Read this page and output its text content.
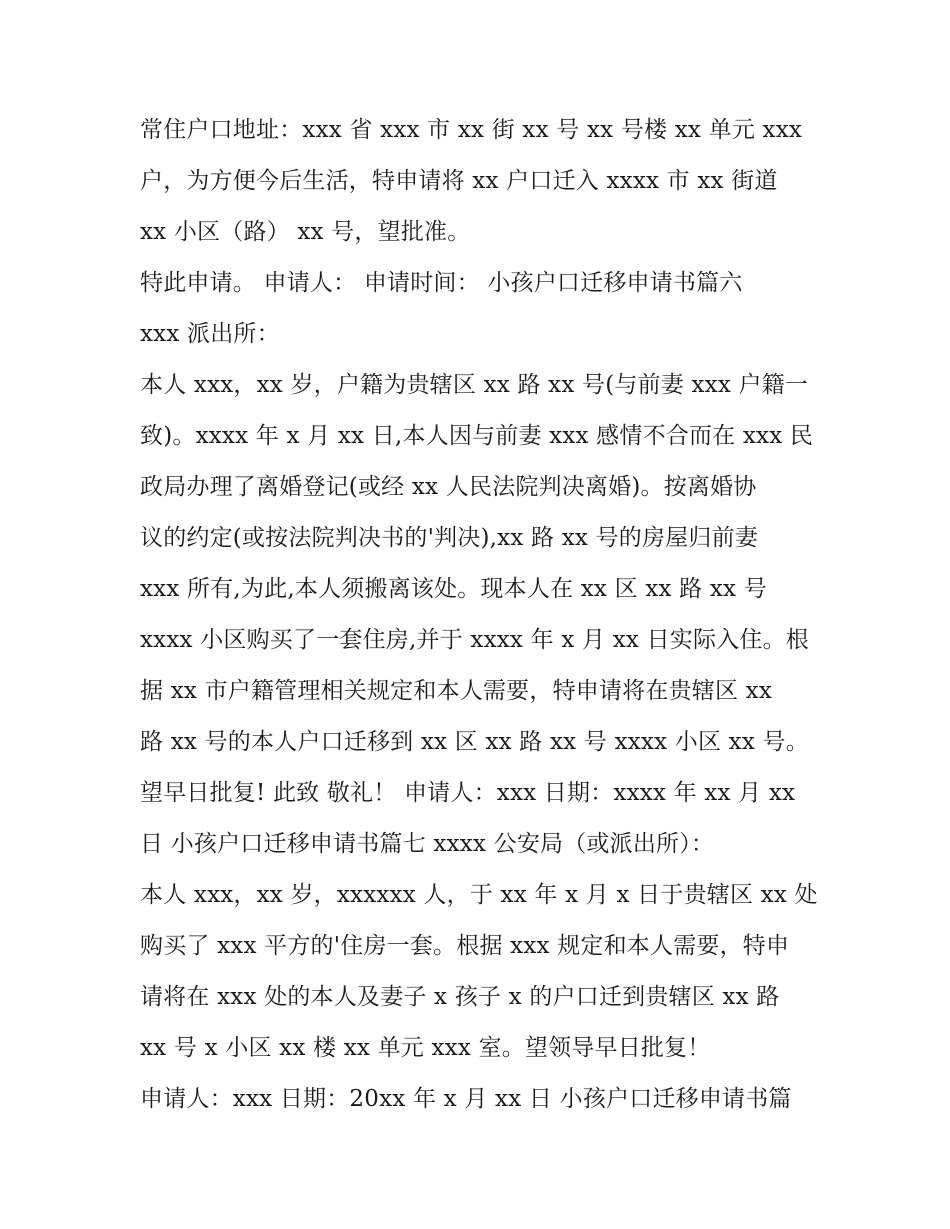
常住户口地址：xxx 省 xxx 市 xx 街 xx 号 xx 号楼 xx 单元 xxx
户，为方便今后生活，特申请将 xx 户口迁入 xxxx 市 xx 街道
xx 小区（路） xx 号，望批准。
特此申请。 申请人： 申请时间： 小孩户口迁移申请书篇六
xxx 派出所：
本人 xxx，xx 岁，户籍为贵辖区 xx 路 xx 号(与前妻 xxx 户籍一
致)。xxxx 年 x 月 xx 日,本人因与前妻 xxx 感情不合而在 xxx 民
政局办理了离婚登记(或经 xx 人民法院判决离婚)。按离婚协
议的约定(或按法院判决书的'判决),xx 路 xx 号的房屋归前妻
xxx 所有,为此,本人须搬离该处。现本人在 xx 区 xx 路 xx 号
xxxx 小区购买了一套住房,并于 xxxx 年 x 月 xx 日实际入住。根
据 xx 市户籍管理相关规定和本人需要，特申请将在贵辖区 xx
路 xx 号的本人户口迁移到 xx 区 xx 路 xx 号 xxxx 小区 xx 号。
望早日批复! 此致 敬礼！ 申请人：xxx 日期：xxxx 年 xx 月 xx
日 小孩户口迁移申请书篇七 xxxx 公安局（或派出所）：
本人 xxx，xx 岁，xxxxxx 人，于 xx 年 x 月 x 日于贵辖区 xx 处
购买了 xxx 平方的'住房一套。根据 xxx 规定和本人需要，特申
请将在 xxx 处的本人及妻子 x 孩子 x 的户口迁到贵辖区 xx 路
xx 号 x 小区 xx 楼 xx 单元 xxx 室。望领导早日批复！
申请人：xxx 日期：20xx 年 x 月 xx 日 小孩户口迁移申请书篇
